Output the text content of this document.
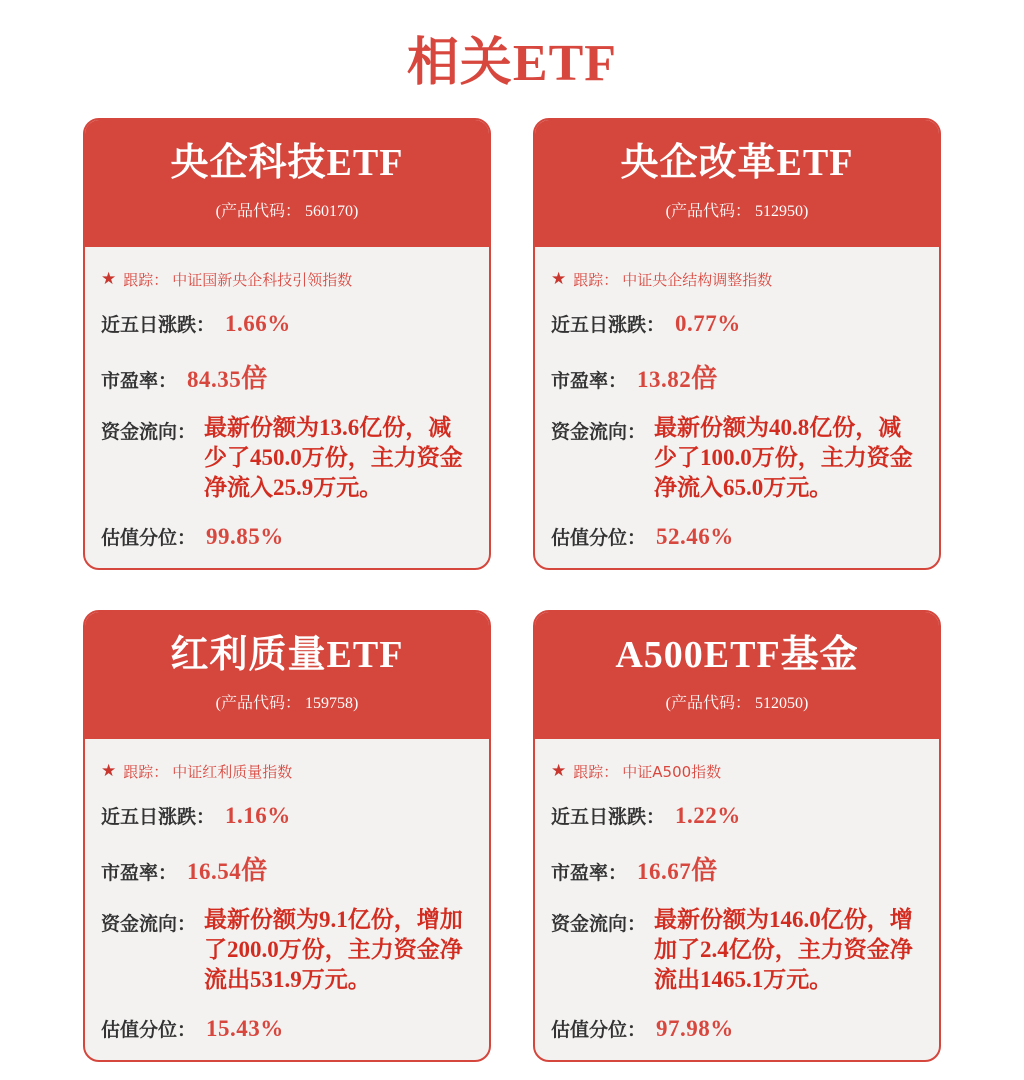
相关ETF
央企科技ETF
(产品代码： 560170)
★ 跟踪： 中证国新央企科技引领指数
近五日涨跌： 1.66%
市盈率： 84.35 倍
资金流向： 最新份额为13.6亿份，减少了450.0万份，主力资金净流入25.9万元。
估值分位： 99.85%
央企改革ETF
(产品代码： 512950)
★ 跟踪： 中证央企结构调整指数
近五日涨跌： 0.77%
市盈率： 13.82 倍
资金流向： 最新份额为40.8亿份，减少了100.0万份，主力资金净流入65.0万元。
估值分位： 52.46%
红利质量ETF
(产品代码： 159758)
★ 跟踪： 中证红利质量指数
近五日涨跌： 1.16%
市盈率： 16.54 倍
资金流向： 最新份额为9.1亿份，增加了200.0万份，主力资金净流出531.9万元。
估值分位： 15.43%
A500ETF基金
(产品代码： 512050)
★ 跟踪： 中证A500指数
近五日涨跌： 1.22%
市盈率： 16.67 倍
资金流向： 最新份额为146.0亿份，增加了2.4亿份，主力资金净流出1465.1万元。
估值分位： 97.98%
